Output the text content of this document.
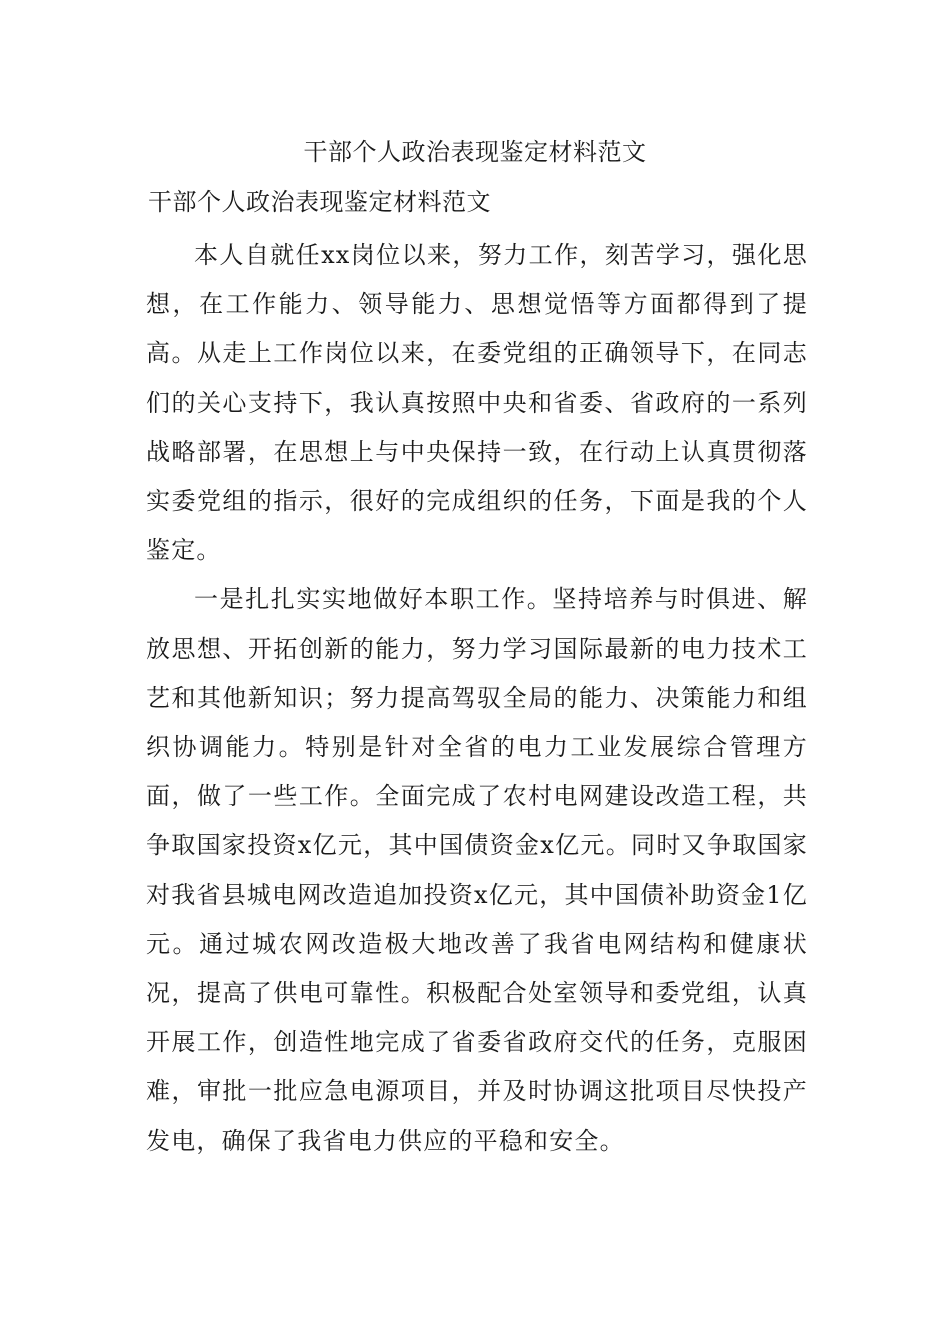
干部个人政治表现鉴定材料范文

干部个人政治表现鉴定材料范文

本人自就任xx岗位以来，努力工作，刻苦学习，强化思想，在工作能力、领导能力、思想觉悟等方面都得到了提高。从走上工作岗位以来，在委党组的正确领导下，在同志们的关心支持下，我认真按照中央和省委、省政府的一系列战略部署，在思想上与中央保持一致，在行动上认真贯彻落实委党组的指示，很好的完成组织的任务，下面是我的个人鉴定。

一是扎扎实实地做好本职工作。坚持培养与时俱进、解放思想、开拓创新的能力，努力学习国际最新的电力技术工艺和其他新知识；努力提高驾驭全局的能力、决策能力和组织协调能力。特别是针对全省的电力工业发展综合管理方面，做了一些工作。全面完成了农村电网建设改造工程，共争取国家投资x亿元，其中国债资金x亿元。同时又争取国家对我省县城电网改造追加投资x亿元，其中国债补助资金1亿元。通过城农网改造极大地改善了我省电网结构和健康状况，提高了供电可靠性。积极配合处室领导和委党组，认真开展工作，创造性地完成了省委省政府交代的任务，克服困难，审批一批应急电源项目，并及时协调这批项目尽快投产发电，确保了我省电力供应的平稳和安全。
